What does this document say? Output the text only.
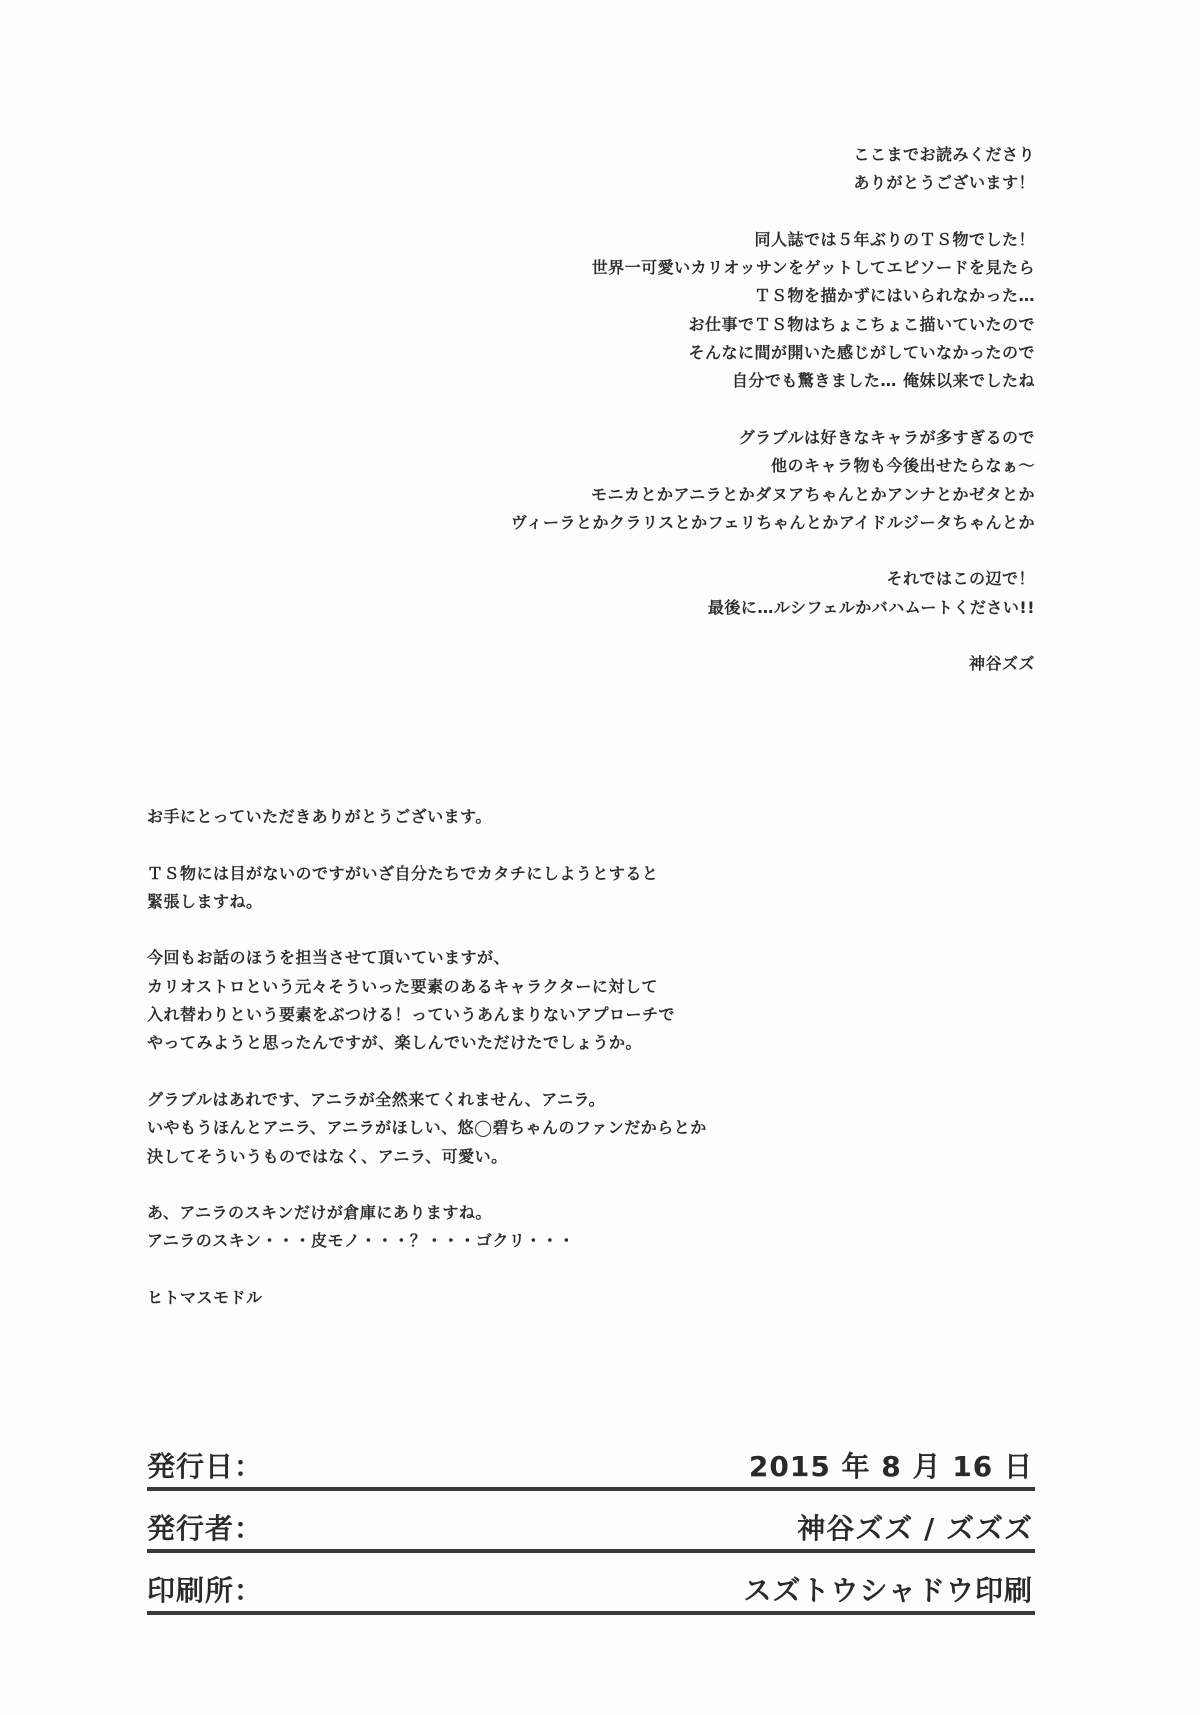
ここまでお読みくださり
ありがとうございます！
同人誌では５年ぶりのＴＳ物でした！
世界一可愛いカリオッサンをゲットしてエピソードを見たら
ＴＳ物を描かずにはいられなかった…
お仕事でＴＳ物はちょこちょこ描いていたので
そんなに間が開いた感じがしていなかったので
自分でも驚きました… 俺妹以来でしたね
グラブルは好きなキャラが多すぎるので
他のキャラ物も今後出せたらなぁ～
モニカとかアニラとかダヌアちゃんとかアンナとかゼタとか
ヴィーラとかクラリスとかフェリちゃんとかアイドルジータちゃんとか
それではこの辺で！
最後に…ルシフェルかバハムートください!!
神谷ズズ
お手にとっていただきありがとうございます。
ＴＳ物には目がないのですがいざ自分たちでカタチにしようとすると
緊張しますね。
今回もお話のほうを担当させて頂いていますが、
カリオストロという元々そういった要素のあるキャラクターに対して
入れ替わりという要素をぶつける！っていうあんまりないアプローチで
やってみようと思ったんですが、楽しんでいただけたでしょうか。
グラブルはあれです、アニラが全然来てくれません、アニラ。
いやもうほんとアニラ、アニラがほしい、悠◯碧ちゃんのファンだからとか
決してそういうものではなく、アニラ、可愛い。
あ、アニラのスキンだけが倉庫にありますね。
アニラのスキン・・・皮モノ・・・？・・・ゴクリ・・・
ヒトマスモドル
発行日：	2015 年 8 月 16 日
発行者：	神谷ズズ / ズズズ
印刷所：	スズトウシャドウ印刷
